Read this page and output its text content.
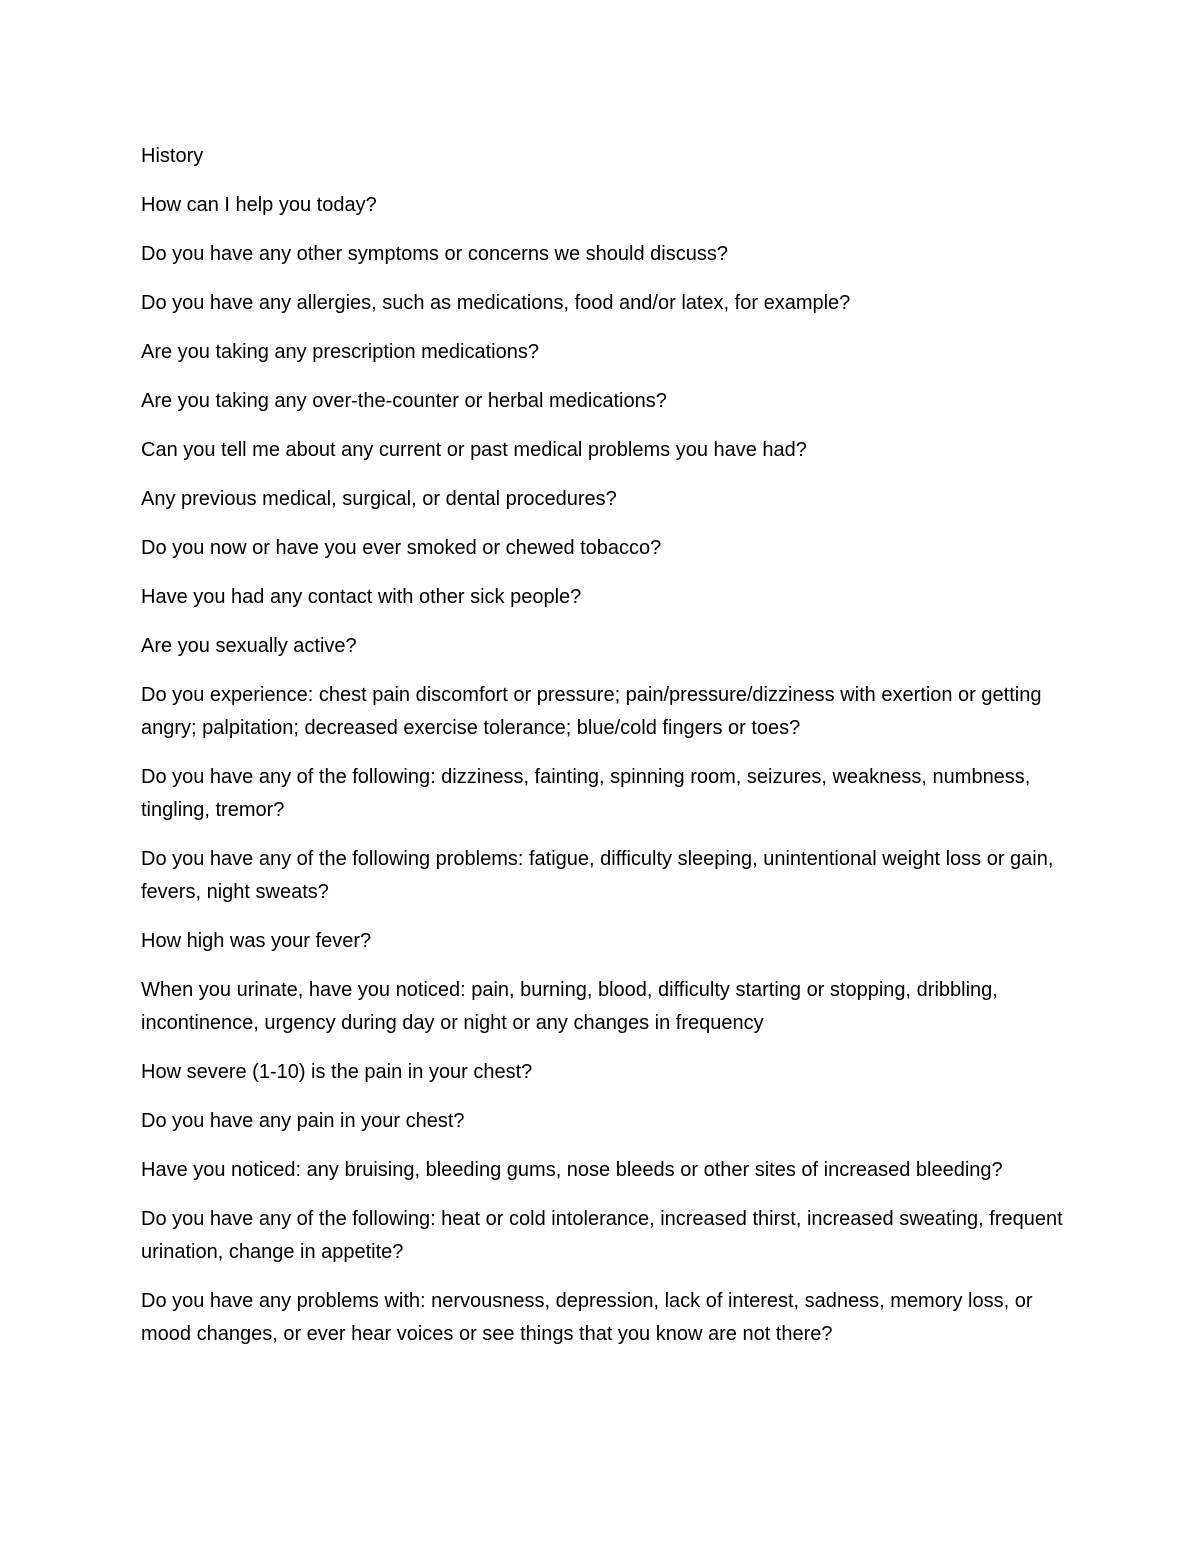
History

How can I help you today?

Do you have any other symptoms or concerns we should discuss?

Do you have any allergies, such as medications, food and/or latex, for example?

Are you taking any prescription medications?

Are you taking any over-the-counter or herbal medications?

Can you tell me about any current or past medical problems you have had?

Any previous medical, surgical, or dental procedures?

Do you now or have you ever smoked or chewed tobacco?

Have you had any contact with other sick people?

Are you sexually active?

Do you experience: chest pain discomfort or pressure; pain/pressure/dizziness with exertion or getting angry; palpitation; decreased exercise tolerance; blue/cold fingers or toes?

Do you have any of the following: dizziness, fainting, spinning room, seizures, weakness, numbness, tingling, tremor?

Do you have any of the following problems: fatigue, difficulty sleeping, unintentional weight loss or gain, fevers, night sweats?

How high was your fever?

When you urinate, have you noticed: pain, burning, blood, difficulty starting or stopping, dribbling, incontinence, urgency during day or night or any changes in frequency

How severe (1-10) is the pain in your chest?

Do you have any pain in your chest?

Have you noticed: any bruising, bleeding gums, nose bleeds or other sites of increased bleeding?

Do you have any of the following: heat or cold intolerance, increased thirst, increased sweating, frequent urination, change in appetite?

Do you have any problems with: nervousness, depression, lack of interest, sadness, memory loss, or mood changes, or ever hear voices or see things that you know are not there?
